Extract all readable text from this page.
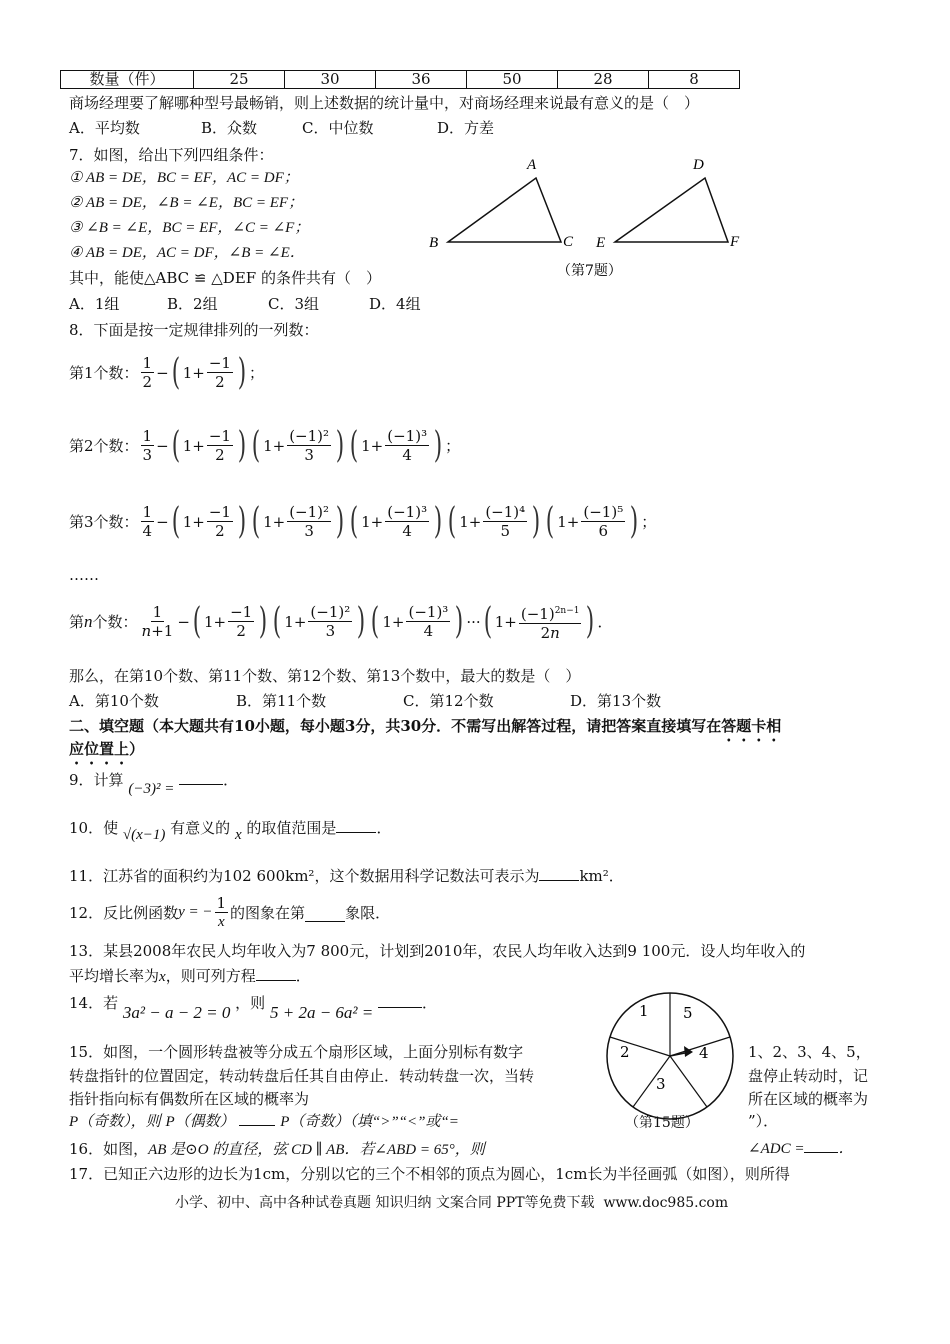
数量（件）	25	30	36	50	28	8
商场经理要了解哪种型号最畅销，则上述数据的统计量中，对商场经理来说最有意义的是（　）
A．平均数	B．众数	C．中位数	D．方差
7．如图，给出下列四组条件：
① AB = DE，BC = EF，AC = DF；
② AB = DE，∠B = ∠E，BC = EF；
③ ∠B = ∠E，BC = EF，∠C = ∠F；
④ AB = DE，AC = DF，∠B = ∠E．
其中，能使△ABC ≌ △DEF 的条件共有（　）
A．1组	B．2组	C．3组	D．4组
A
B	C
D
E	F
（第7题）
8．下面是按一定规律排列的一列数：
第1个数：
1
2
− ( $1+ \frac{-1}{2}$ ) ；
第2个数：
1
3
− ( $1+ \frac{-1}{2}$ ) ( $1+ \frac{\text{(−1)²}}{3}$ ) ( $1+ \frac{\text{(−1)³}}{4}$ ) ；
第3个数：
1
4
− ( $1+ \frac{-1}{2}$ ) ( $1+ \frac{\text{(−1)²}}{3}$ ) ( $1+ \frac{\text{(−1)³}}{4}$ ) ( $1+ \frac{\text{(−1)⁴}}{5}$ ) ( $1+ \frac{\text{(−1)⁵}}{6}$ ) ；
……
第 n 个数：
1
n+1
− ( $1+ \frac{-1}{2}$ ) ( $1+ \frac{\text{(−1)²}}{3}$ ) ( $1+ \frac{\text{(−1)³}}{4}$ ) ··· ( $1+ \frac{(-1)^{2n-1}}{2n}$ ) ．
那么，在第10个数、第11个数、第12个数、第13个数中，最大的数是（　）
A．第10个数	B．第11个数	C．第12个数	D．第13个数
二、填空题（本大题共有10小题，每小题3分，共30分．不需写出解答过程，请把答案直接填写在答题卡相
应位置上）
9．计算 (−3)² =	．
10．使 √(x−1) 有意义的 x 的取值范围是	．
11．江苏省的面积约为102 600km²，这个数据用科学记数法可表示为	km²．
12．反比例函数 y = − $\frac{1}{x}$ 的图象在第	象限．
13．某县2008年农民人均年收入为7 800元，计划到2010年，农民人均年收入达到9 100元．设人均年收入的
平均增长率为x，则可列方程	．
14．若 3a² − a − 2 = 0 ，则 5 + 2a − 6a² =	．
15．如图，一个圆形转盘被等分成五个扇形区域，上面分别标有数字	1、2、3、4、5，
转盘指针的位置固定，转动转盘后任其自由停止．转动转盘一次，当转	盘停止转动时，记
指针指向标有偶数所在区域的概率为	所在区域的概率为
”）．
1 5
4
3
2
（第15题）
P（奇数），则 P（偶数）	P（奇数）（填“>”“<”或“=
16．如图，AB 是⊙O 的直径，弦 CD ∥ AB．若∠ABD = 65°，则	∠ADC = ．
17．已知正六边形的边长为1cm，分别以它的三个不相邻的顶点为圆心，1cm长为半径画弧（如图），则所得
小学、初中、高中各种试卷真题 知识归纳 文案合同 PPT等免费下载 www.doc985.com
